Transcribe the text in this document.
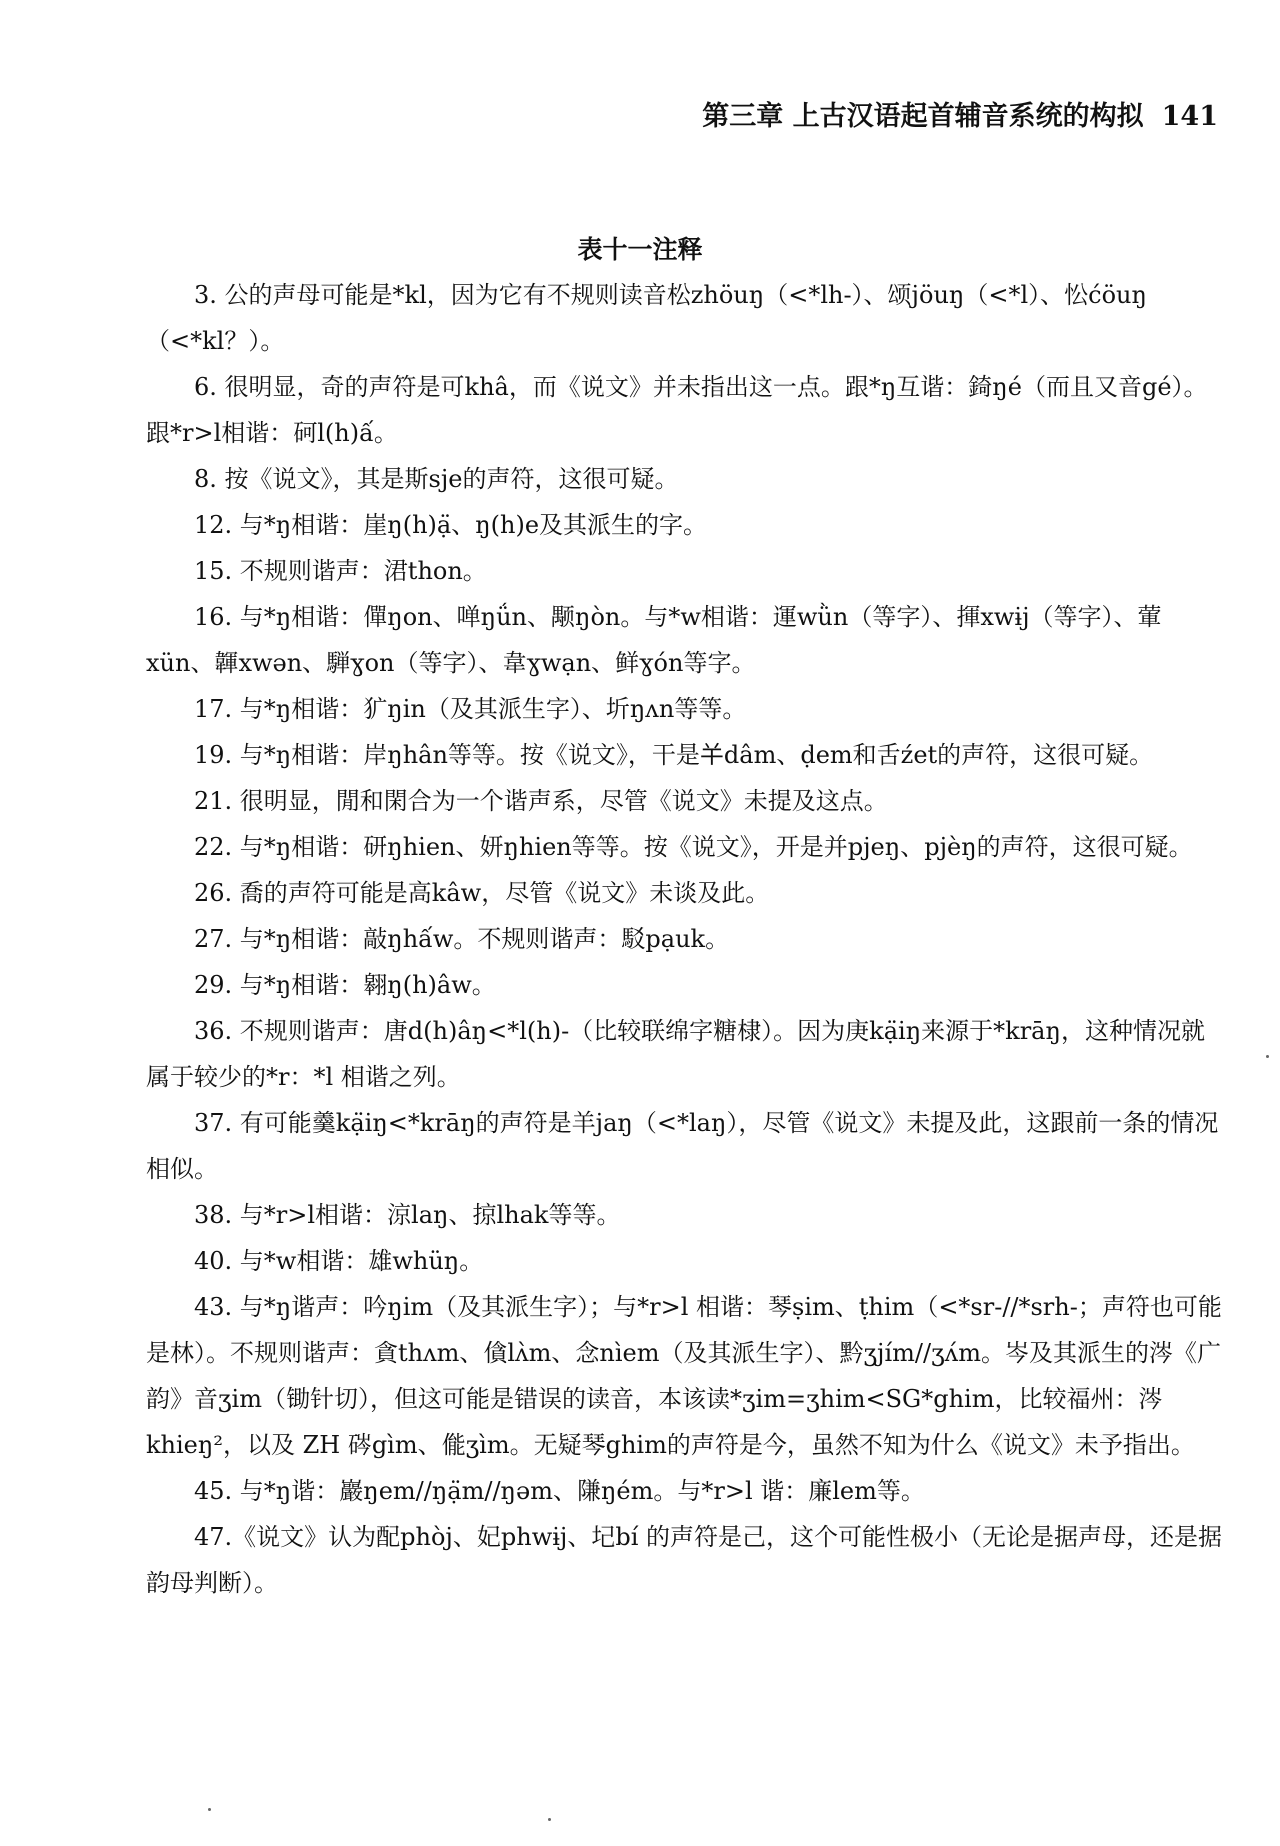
第三章 上古汉语起首辅音系统的构拟 141
表十一注释

3. 公的声母可能是*kl，因为它有不规则读音松zhöuŋ（<*lh-）、颂jöuŋ（<*l）、忪ćöuŋ（<*kl？）。

6. 很明显，奇的声符是可khâ，而《说文》并未指出这一点。跟*ŋ互谐：錡ŋé（而且又音gé）。跟*r>l相谐：砢l(h)ấ。

8. 按《说文》，其是斯sje的声符，这很可疑。

12. 与*ŋ相谐：崖ŋ(h)ạ̈、ŋ(h)e及其派生的字。

15. 不规则谐声：涒thon。

16. 与*ŋ相谐：僤ŋon、啴ŋǘn、颙ŋòn。与*w相谐：運wǜn（等字）、揮xwɨj（等字）、葷xün、韗xwən、騨ɣon（等字）、韋ɣwạn、鲜ɣón等字。

17. 与*ŋ相谐：犷ŋin（及其派生字）、圻ŋʌn等等。

19. 与*ŋ相谐：岸ŋhân等等。按《说文》，干是𢆉dâm、ḍem和舌źet的声符，这很可疑。

21. 很明显，閒和閑合为一个谐声系，尽管《说文》未提及这点。

22. 与*ŋ相谐：研ŋhien、妍ŋhien等等。按《说文》，开是并pjeŋ、pjèŋ的声符，这很可疑。

26. 喬的声符可能是高kâw，尽管《说文》未谈及此。

27. 与*ŋ相谐：敲ŋhấw。不规则谐声：駁pạuk。

29. 与*ŋ相谐：翱ŋ(h)âw。

36. 不规则谐声：唐d(h)âŋ<*l(h)-（比较联绵字糖棣）。因为庚kạ̈iŋ来源于*krāŋ，这种情况就属于较少的*r：*l 相谐之列。

37. 有可能羹kạ̈iŋ<*krāŋ的声符是羊jaŋ（<*laŋ），尽管《说文》未提及此，这跟前一条的情况相似。

38. 与*r>l相谐：涼laŋ、掠lhak等等。

40. 与*w相谐：雄whüŋ。

43. 与*ŋ谐声：吟ŋim（及其派生字）；与*r>l 相谐：琴ṣim、ṭhim（<*sr-//*srh-；声符也可能是林）。不规则谐声：貪thʌm、僋lʌ̀m、念nìem（及其派生字）、黔ʒjím//ʒʌ́m。岑及其派生的涔《广韵》音ʒim（锄针切），但这可能是错误的读音，本该读*ʒim=ʒhim<SG*ghim，比较福州：涔khieŋ²，以及 ZH 硶gìm、㑷ʒìm。无疑琴ghim的声符是今，虽然不知为什么《说文》未予指出。

45. 与*ŋ谐：巖ŋem//ŋạ̈m//ŋəm、隒ŋém。与*r>l 谐：廉lem等。

47.《说文》认为配phòj、妃phwɨj、圮bí 的声符是己，这个可能性极小（无论是据声母，还是据韵母判断）。
